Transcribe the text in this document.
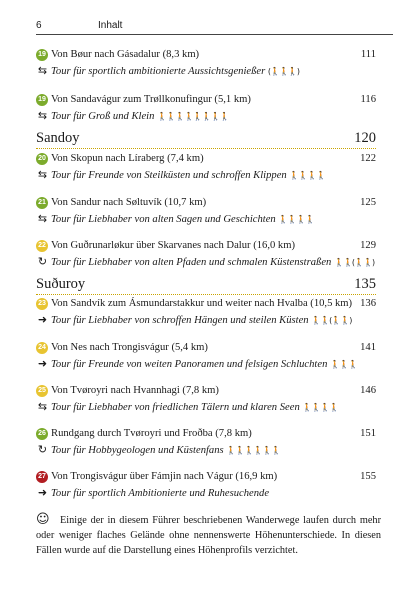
6	Inhalt
19 Von Bøur nach Gásadalur (8,3 km)	111
⇆ Tour für sportlich ambitionierte Aussichtsgenießer (🚶🚶🚶)
19 Von Sandavágur zum Trøllkonufingur (5,1 km)	116
⇆ Tour für Groß und Klein 🚶🚶🚶🚶🚶🚶🚶🚶
Sandoy	120
20 Von Skopun nach Líraberg (7,4 km)	122
⇆ Tour für Freunde von Steilküsten und schroffen Klippen 🚶🚶🚶🚶
21 Von Sandur nach Søltuvík (10,7 km)	125
⇆ Tour für Liebhaber von alten Sagen und Geschichten 🚶🚶🚶🚶
22 Von Guðrunarløkur über Skarvanes nach Dalur (16,0 km)	129
↻ Tour für Liebhaber von alten Pfaden und schmalen Küstenstraßen 🚶🚶(🚶🚶)
Suðuroy	135
23 Von Sandvík zum Ásmundarstakkur und weiter nach Hvalba (10,5 km) 136
➜ Tour für Liebhaber von schroffen Hängen und steilen Küsten 🚶🚶(🚶🚶)
24 Von Nes nach Trongisvágur (5,4 km)	141
➜ Tour für Freunde von weiten Panoramen und felsigen Schluchten 🚶🚶🚶
25 Von Tvøroyri nach Hvannhagi (7,8 km)	146
⇆ Tour für Liebhaber von friedlichen Tälern und klaren Seen 🚶🚶🚶🚶
26 Rundgang durch Tvøroyri und Froðba (7,8 km)	151
↻ Tour für Hobbygeologen und Küstenfans 🚶🚶🚶🚶🚶🚶
27 Von Trongisvágur über Fámjin nach Vágur (16,9 km)	155
➜ Tour für sportlich Ambitionierte und Ruhesuchende
☺ Einige der in diesem Führer beschriebenen Wanderwege laufen durch mehr oder weniger flaches Gelände ohne nennenswerte Höhenunterschiede. In diesen Fällen wurde auf die Darstellung eines Höhenprofils verzichtet.
